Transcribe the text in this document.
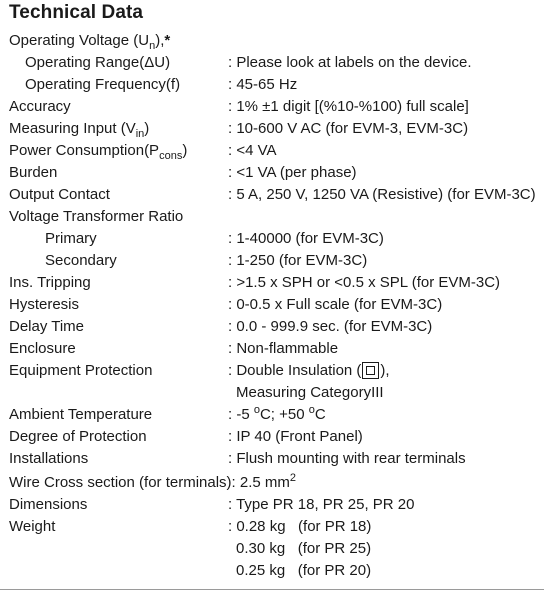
Technical Data
Operating Voltage $(U_n),*$
Operating Range(ΔU)	: Please look at labels on the device.
Operating Frequency(f)	: 45-65 Hz
Accuracy	: 1% ±1 digit [(%10-%100) full scale]
Measuring Input $(V_{in})$	: 10-600 V AC (for EVM-3, EVM-3C)
Power $Consumption(P_{cons})$	: <4 VA
Burden	: <1 VA (per phase)
Output Contact	: 5 A, 250 V, 1250 VA (Resistive) (for EVM-3C)
Voltage Transformer Ratio
Primary	: 1-40000 (for EVM-3C)
Secondary	: 1-250 (for EVM-3C)
Ins. Tripping	: >1.5 x SPH or <0.5 x SPL (for EVM-3C)
Hysteresis	: 0-0.5 x Full scale (for EVM-3C)
Delay Time	: 0.0 - 999.9 sec. (for EVM-3C)
Enclosure	: Non-flammable
Equipment Protection	: Double Insulation ( ),
Measuring CategoryIII
Ambient Temperature	: -5 $^o$C; +50 $^o$C
Degree of Protection	: IP 40 (Front Panel)
Installations	: Flush mounting with rear terminals
Wire Cross section (for terminals): 2.5 $mm^2$
Dimensions	: Type PR 18, PR 25, PR 20
Weight	: 0.28 kg   (for PR 18)
0.30 kg   (for PR 25)
0.25 kg   (for PR 20)
